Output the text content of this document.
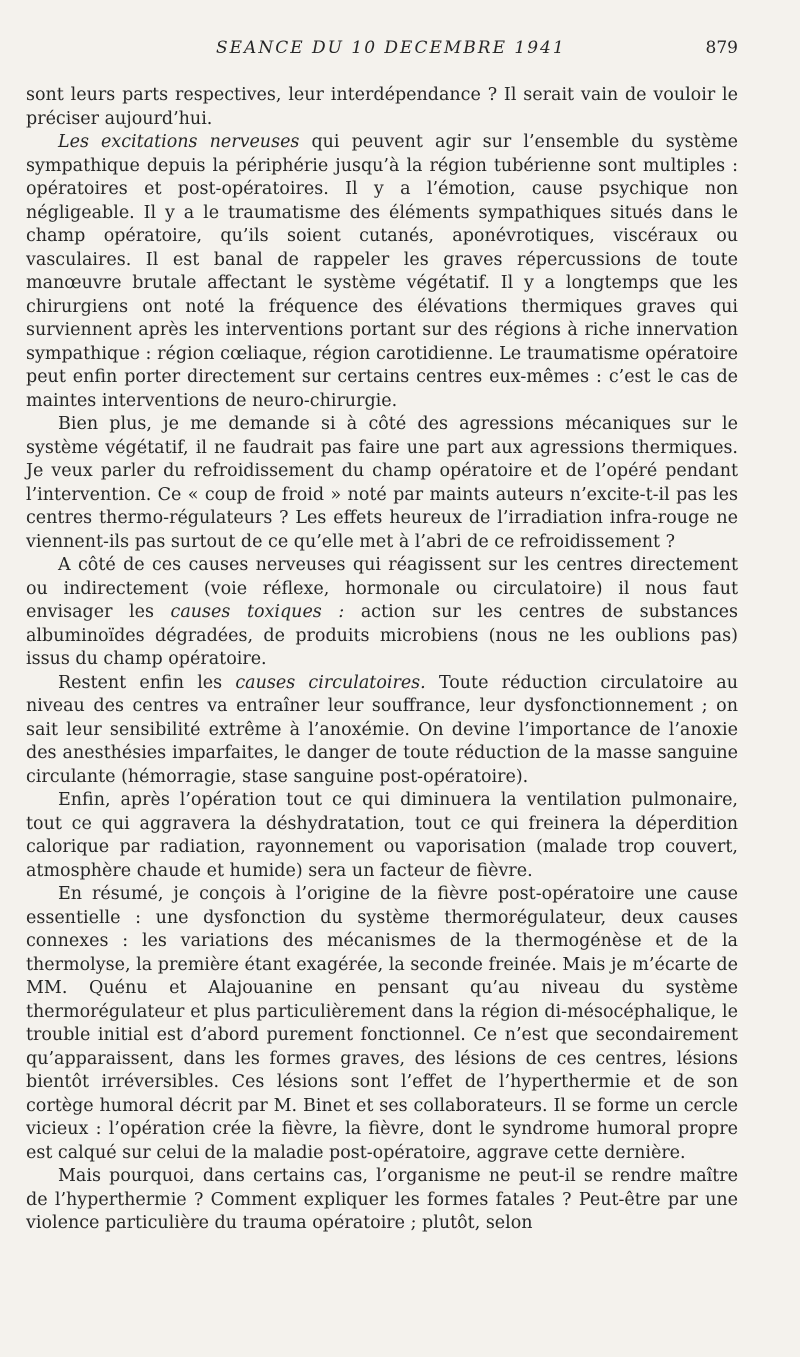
SEANCE DU 10 DECEMBRE 1941	879

sont leurs parts respectives, leur interdépendance ? Il serait vain de vouloir le préciser aujourd’hui.

Les excitations nerveuses qui peuvent agir sur l’ensemble du système sympathique depuis la périphérie jusqu’à la région tubérienne sont multiples : opératoires et post-opératoires. Il y a l’émotion, cause psychique non négligeable. Il y a le traumatisme des éléments sympathiques situés dans le champ opératoire, qu’ils soient cutanés, aponévrotiques, viscéraux ou vasculaires. Il est banal de rappeler les graves répercussions de toute manœuvre brutale affectant le système végétatif. Il y a longtemps que les chirurgiens ont noté la fréquence des élévations thermiques graves qui surviennent après les interventions portant sur des régions à riche innervation sympathique : région cœliaque, région carotidienne. Le traumatisme opératoire peut enfin porter directement sur certains centres eux-mêmes : c’est le cas de maintes interventions de neuro-chirurgie.

Bien plus, je me demande si à côté des agressions mécaniques sur le système végétatif, il ne faudrait pas faire une part aux agressions thermiques. Je veux parler du refroidissement du champ opératoire et de l’opéré pendant l’intervention. Ce « coup de froid » noté par maints auteurs n’excite-t-il pas les centres thermo-régulateurs ? Les effets heureux de l’irradiation infra-rouge ne viennent-ils pas surtout de ce qu’elle met à l’abri de ce refroidissement ?

A côté de ces causes nerveuses qui réagissent sur les centres directement ou indirectement (voie réflexe, hormonale ou circulatoire) il nous faut envisager les causes toxiques : action sur les centres de substances albuminoïdes dégradées, de produits microbiens (nous ne les oublions pas) issus du champ opératoire.

Restent enfin les causes circulatoires. Toute réduction circulatoire au niveau des centres va entraîner leur souffrance, leur dysfonctionnement ; on sait leur sensibilité extrême à l’anoxémie. On devine l’importance de l’anoxie des anesthésies imparfaites, le danger de toute réduction de la masse sanguine circulante (hémorragie, stase sanguine post-opératoire).

Enfin, après l’opération tout ce qui diminuera la ventilation pulmonaire, tout ce qui aggravera la déshydratation, tout ce qui freinera la déperdition calorique par radiation, rayonnement ou vaporisation (malade trop couvert, atmosphère chaude et humide) sera un facteur de fièvre.

En résumé, je conçois à l’origine de la fièvre post-opératoire une cause essentielle : une dysfonction du système thermorégulateur, deux causes connexes : les variations des mécanismes de la thermogénèse et de la thermolyse, la première étant exagérée, la seconde freinée. Mais je m’écarte de MM. Quénu et Alajouanine en pensant qu’au niveau du système thermorégulateur et plus particulièrement dans la région di-mésocéphalique, le trouble initial est d’abord purement fonctionnel. Ce n’est que secondairement qu’apparaissent, dans les formes graves, des lésions de ces centres, lésions bientôt irréversibles. Ces lésions sont l’effet de l’hyperthermie et de son cortège humoral décrit par M. Binet et ses collaborateurs. Il se forme un cercle vicieux : l’opération crée la fièvre, la fièvre, dont le syndrome humoral propre est calqué sur celui de la maladie post-opératoire, aggrave cette dernière.

Mais pourquoi, dans certains cas, l’organisme ne peut-il se rendre maître de l’hyperthermie ? Comment expliquer les formes fatales ? Peut-être par une violence particulière du trauma opératoire ; plutôt, selon
